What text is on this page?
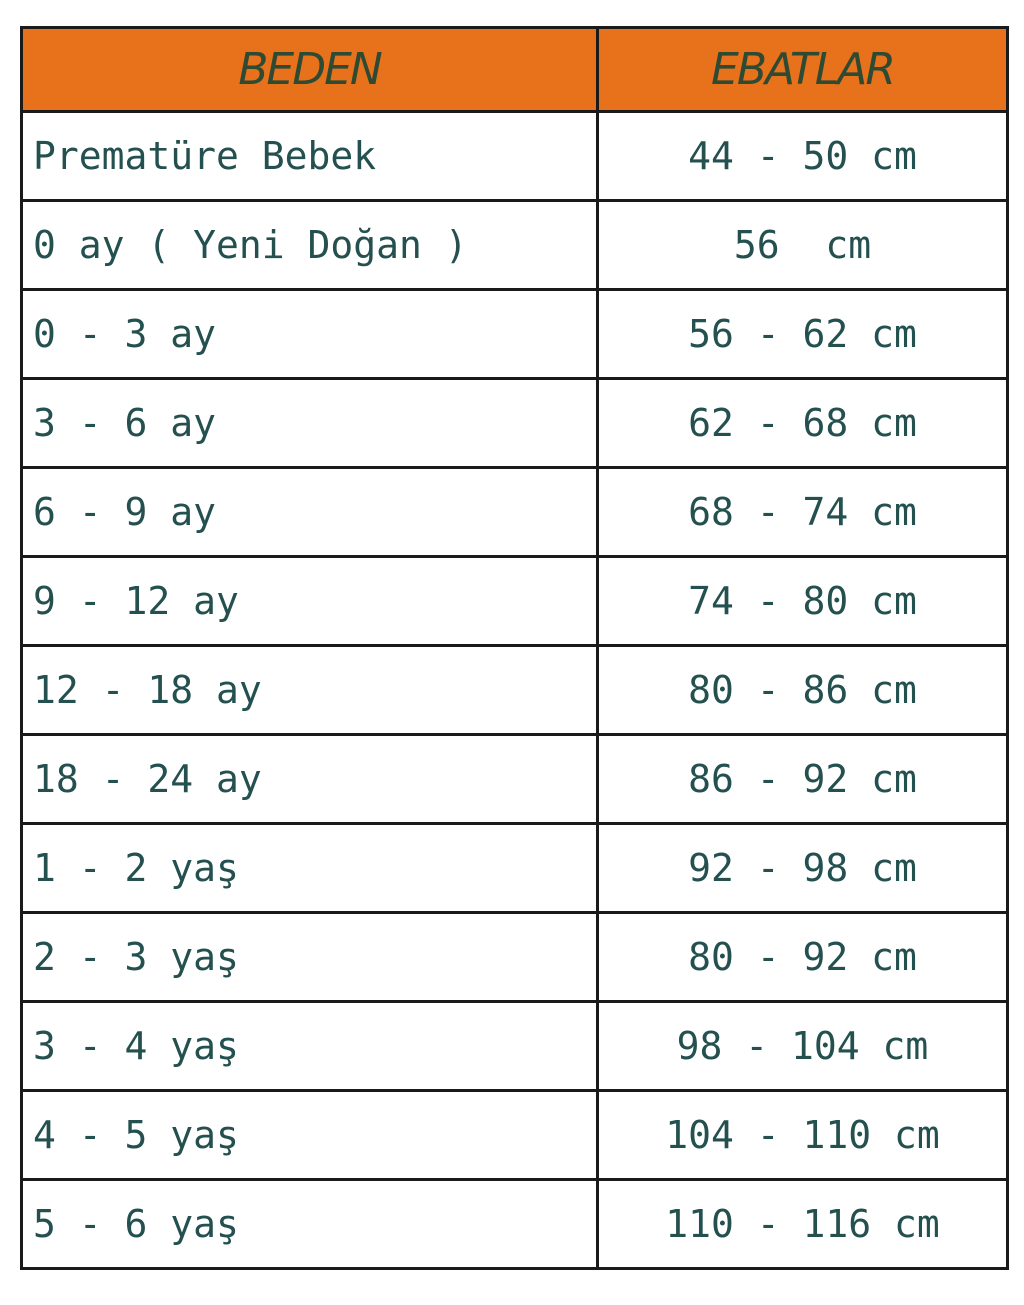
BEDEN	EBATLAR
Prematüre Bebek	44 - 50 cm
0 ay ( Yeni Doğan )	56  cm
0 - 3 ay	56 - 62 cm
3 - 6 ay	62 - 68 cm
6 - 9 ay	68 - 74 cm
9 - 12 ay	74 - 80 cm
12 - 18 ay	80 - 86 cm
18 - 24 ay	86 - 92 cm
1 - 2 yaş	92 - 98 cm
2 - 3 yaş	80 - 92 cm
3 - 4 yaş	98 - 104 cm
4 - 5 yaş	104 - 110 cm
5 - 6 yaş	110 - 116 cm
